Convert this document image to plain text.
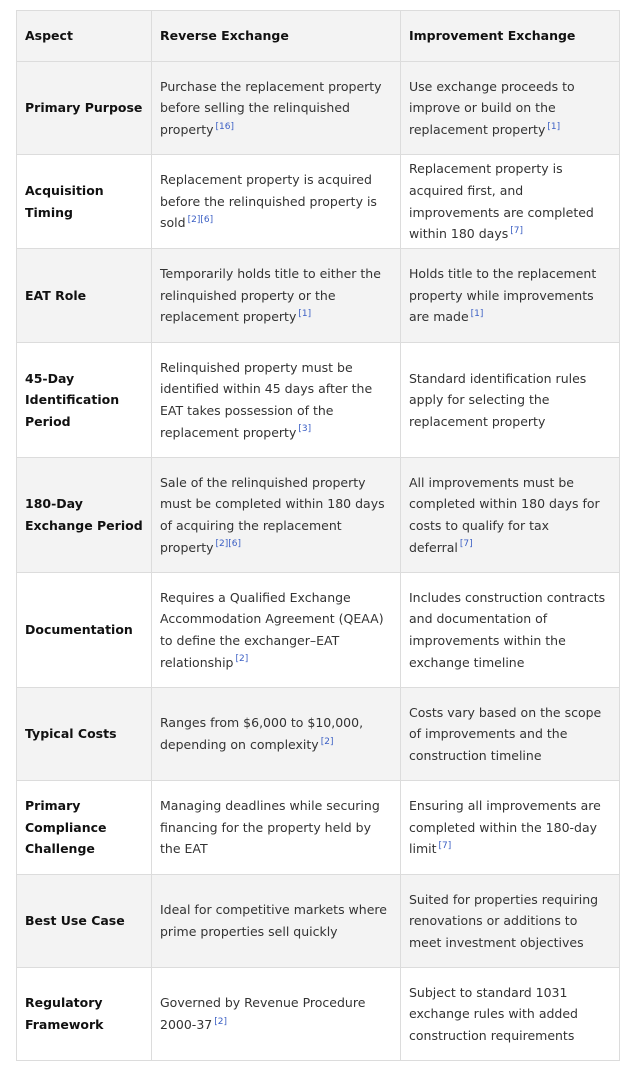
Aspect	Reverse Exchange	Improvement Exchange
Primary Purpose	Purchase the replacement property before selling the relinquished property [16]	Use exchange proceeds to improve or build on the replacement property [1]
Acquisition Timing	Replacement property is acquired before the relinquished property is sold [2][6]	Replacement property is acquired first, and improvements are completed within 180 days [7]
EAT Role	Temporarily holds title to either the relinquished property or the replacement property [1]	Holds title to the replacement property while improvements are made [1]
45-Day Identification Period	Relinquished property must be identified within 45 days after the EAT takes possession of the replacement property [3]	Standard identification rules apply for selecting the replacement property
180-Day Exchange Period	Sale of the relinquished property must be completed within 180 days of acquiring the replacement property [2][6]	All improvements must be completed within 180 days for costs to qualify for tax deferral [7]
Documentation	Requires a Qualified Exchange Accommodation Agreement (QEAA) to define the exchanger–EAT relationship [2]	Includes construction contracts and documentation of improvements within the exchange timeline
Typical Costs	Ranges from $6,000 to $10,000, depending on complexity [2]	Costs vary based on the scope of improvements and the construction timeline
Primary Compliance Challenge	Managing deadlines while securing financing for the property held by the EAT	Ensuring all improvements are completed within the 180-day limit [7]
Best Use Case	Ideal for competitive markets where prime properties sell quickly	Suited for properties requiring renovations or additions to meet investment objectives
Regulatory Framework	Governed by Revenue Procedure 2000-37 [2]	Subject to standard 1031 exchange rules with added construction requirements
